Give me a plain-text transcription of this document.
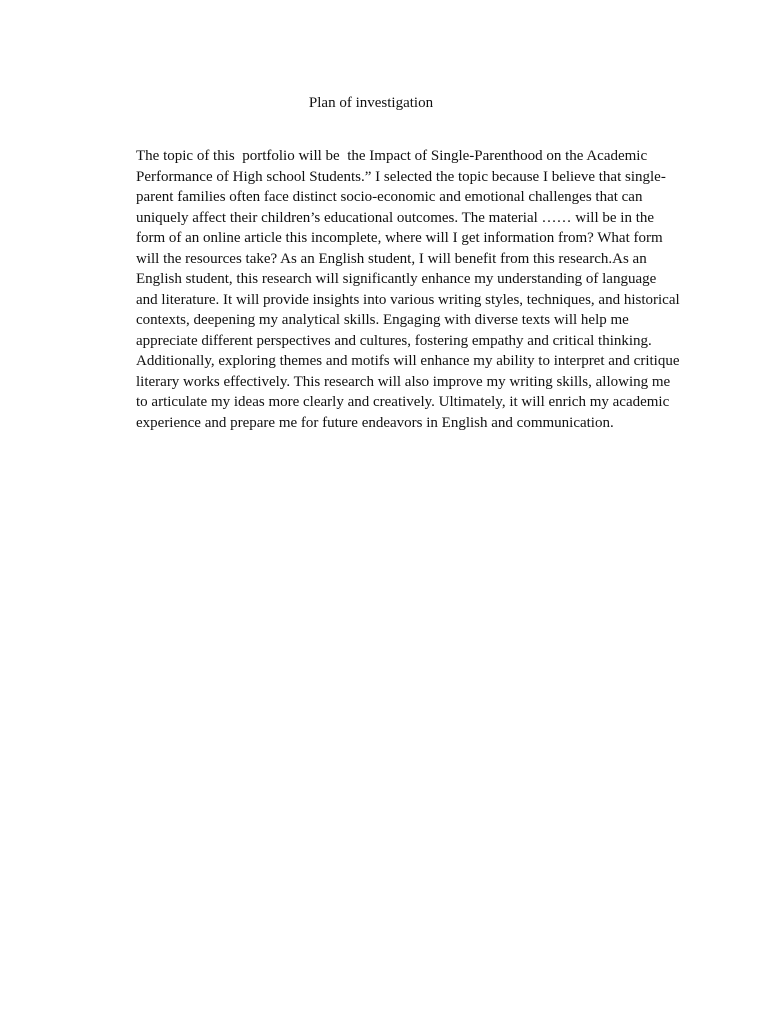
Plan of investigation

The topic of this  portfolio will be  the Impact of Single-Parenthood on the Academic Performance of High school Students.” I selected the topic because I believe that single-parent families often face distinct socio-economic and emotional challenges that can uniquely affect their children’s educational outcomes. The material …… will be in the form of an online article this incomplete, where will I get information from? What form will the resources take? As an English student, I will benefit from this research.As an English student, this research will significantly enhance my understanding of language and literature. It will provide insights into various writing styles, techniques, and historical contexts, deepening my analytical skills. Engaging with diverse texts will help me appreciate different perspectives and cultures, fostering empathy and critical thinking. Additionally, exploring themes and motifs will enhance my ability to interpret and critique literary works effectively. This research will also improve my writing skills, allowing me to articulate my ideas more clearly and creatively. Ultimately, it will enrich my academic experience and prepare me for future endeavors in English and communication.
